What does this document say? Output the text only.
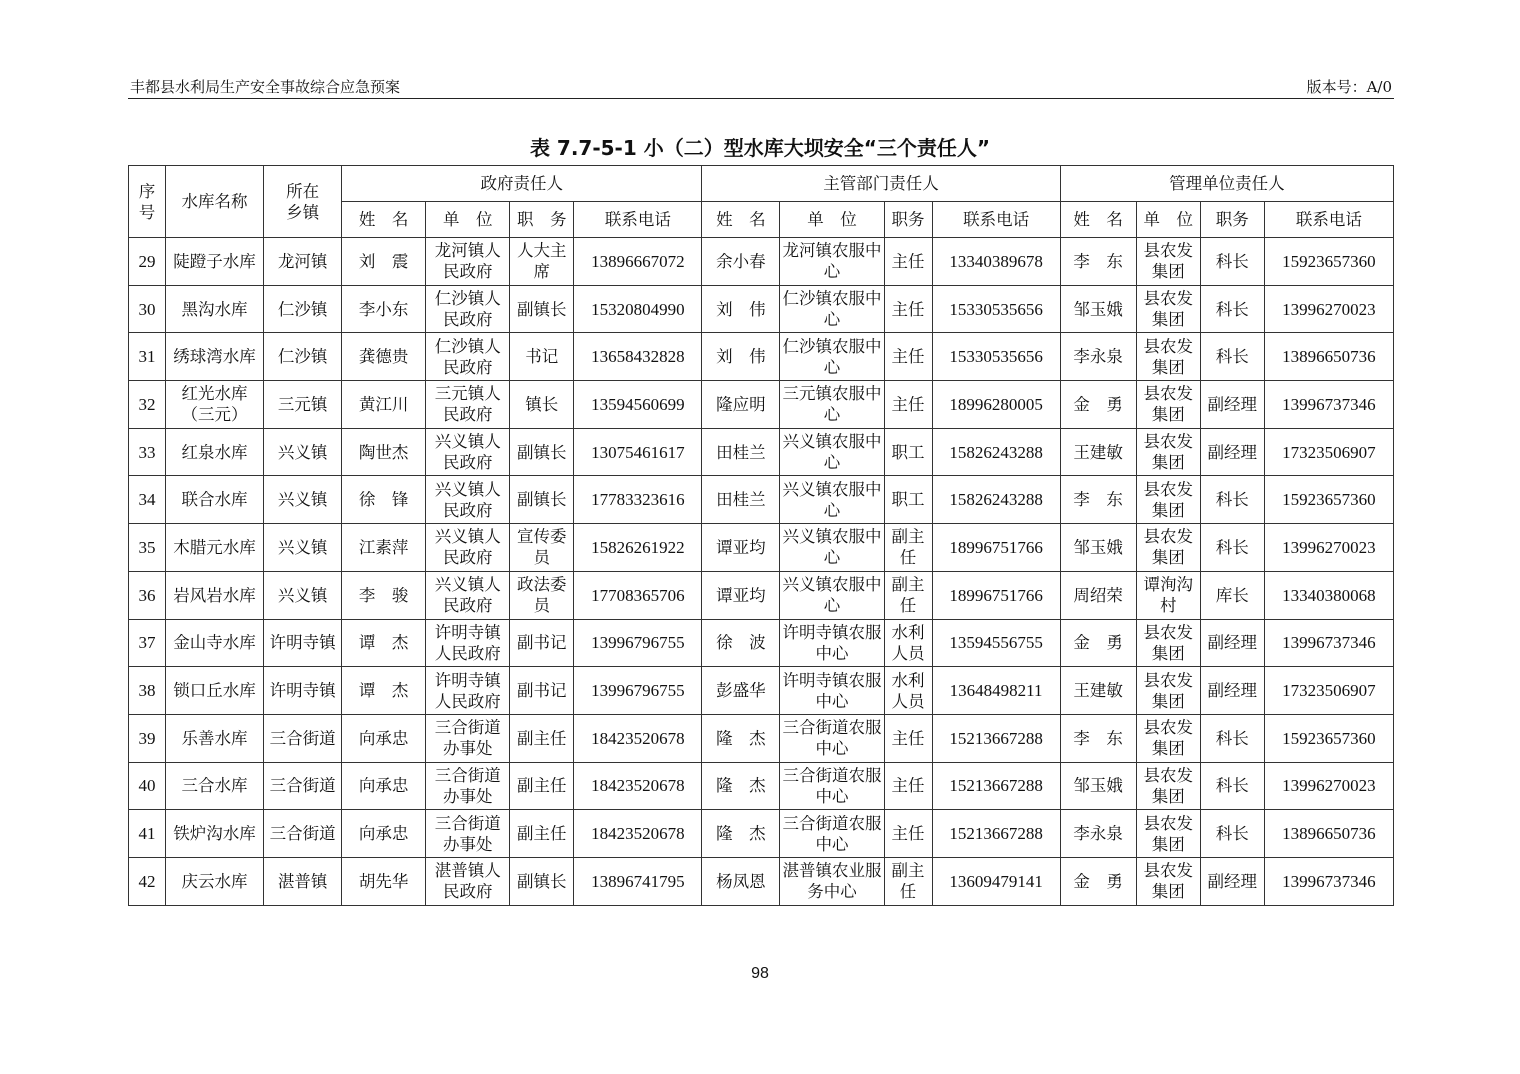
丰都县水利局生产安全事故综合应急预案	版本号：A/0
表 7.7-5-1 小（二）型水库大坝安全“三个责任人”
序号	水库名称	所在乡镇	政府责任人				主管部门责任人				管理单位责任人			
			姓　名	单　位	职　务	联系电话	姓　名	单　位	职务	联系电话	姓　名	单　位	职务	联系电话
29	陡蹬子水库	龙河镇	刘　震	龙河镇人民政府	人大主席	13896667072	余小春	龙河镇农服中心	主任	13340389678	李　东	县农发集团	科长	15923657360
30	黑沟水库	仁沙镇	李小东	仁沙镇人民政府	副镇长	15320804990	刘　伟	仁沙镇农服中心	主任	15330535656	邹玉娥	县农发集团	科长	13996270023
31	绣球湾水库	仁沙镇	龚德贵	仁沙镇人民政府	书记	13658432828	刘　伟	仁沙镇农服中心	主任	15330535656	李永泉	县农发集团	科长	13896650736
32	红光水库（三元）	三元镇	黄江川	三元镇人民政府	镇长	13594560699	隆应明	三元镇农服中心	主任	18996280005	金　勇	县农发集团	副经理	13996737346
33	红泉水库	兴义镇	陶世杰	兴义镇人民政府	副镇长	13075461617	田桂兰	兴义镇农服中心	职工	15826243288	王建敏	县农发集团	副经理	17323506907
34	联合水库	兴义镇	徐　锋	兴义镇人民政府	副镇长	17783323616	田桂兰	兴义镇农服中心	职工	15826243288	李　东	县农发集团	科长	15923657360
35	木腊元水库	兴义镇	江素萍	兴义镇人民政府	宣传委员	15826261922	谭亚均	兴义镇农服中心	副主任	18996751766	邹玉娥	县农发集团	科长	13996270023
36	岩风岩水库	兴义镇	李　骏	兴义镇人民政府	政法委员	17708365706	谭亚均	兴义镇农服中心	副主任	18996751766	周绍荣	谭洵沟村	库长	13340380068
37	金山寺水库	许明寺镇	谭　杰	许明寺镇人民政府	副书记	13996796755	徐　波	许明寺镇农服中心	水利人员	13594556755	金　勇	县农发集团	副经理	13996737346
38	锁口丘水库	许明寺镇	谭　杰	许明寺镇人民政府	副书记	13996796755	彭盛华	许明寺镇农服中心	水利人员	13648498211	王建敏	县农发集团	副经理	17323506907
39	乐善水库	三合街道	向承忠	三合街道办事处	副主任	18423520678	隆　杰	三合街道农服中心	主任	15213667288	李　东	县农发集团	科长	15923657360
40	三合水库	三合街道	向承忠	三合街道办事处	副主任	18423520678	隆　杰	三合街道农服中心	主任	15213667288	邹玉娥	县农发集团	科长	13996270023
41	铁炉沟水库	三合街道	向承忠	三合街道办事处	副主任	18423520678	隆　杰	三合街道农服中心	主任	15213667288	李永泉	县农发集团	科长	13896650736
42	庆云水库	湛普镇	胡先华	湛普镇人民政府	副镇长	13896741795	杨凤恩	湛普镇农业服务中心	副主任	13609479141	金　勇	县农发集团	副经理	13996737346
98
